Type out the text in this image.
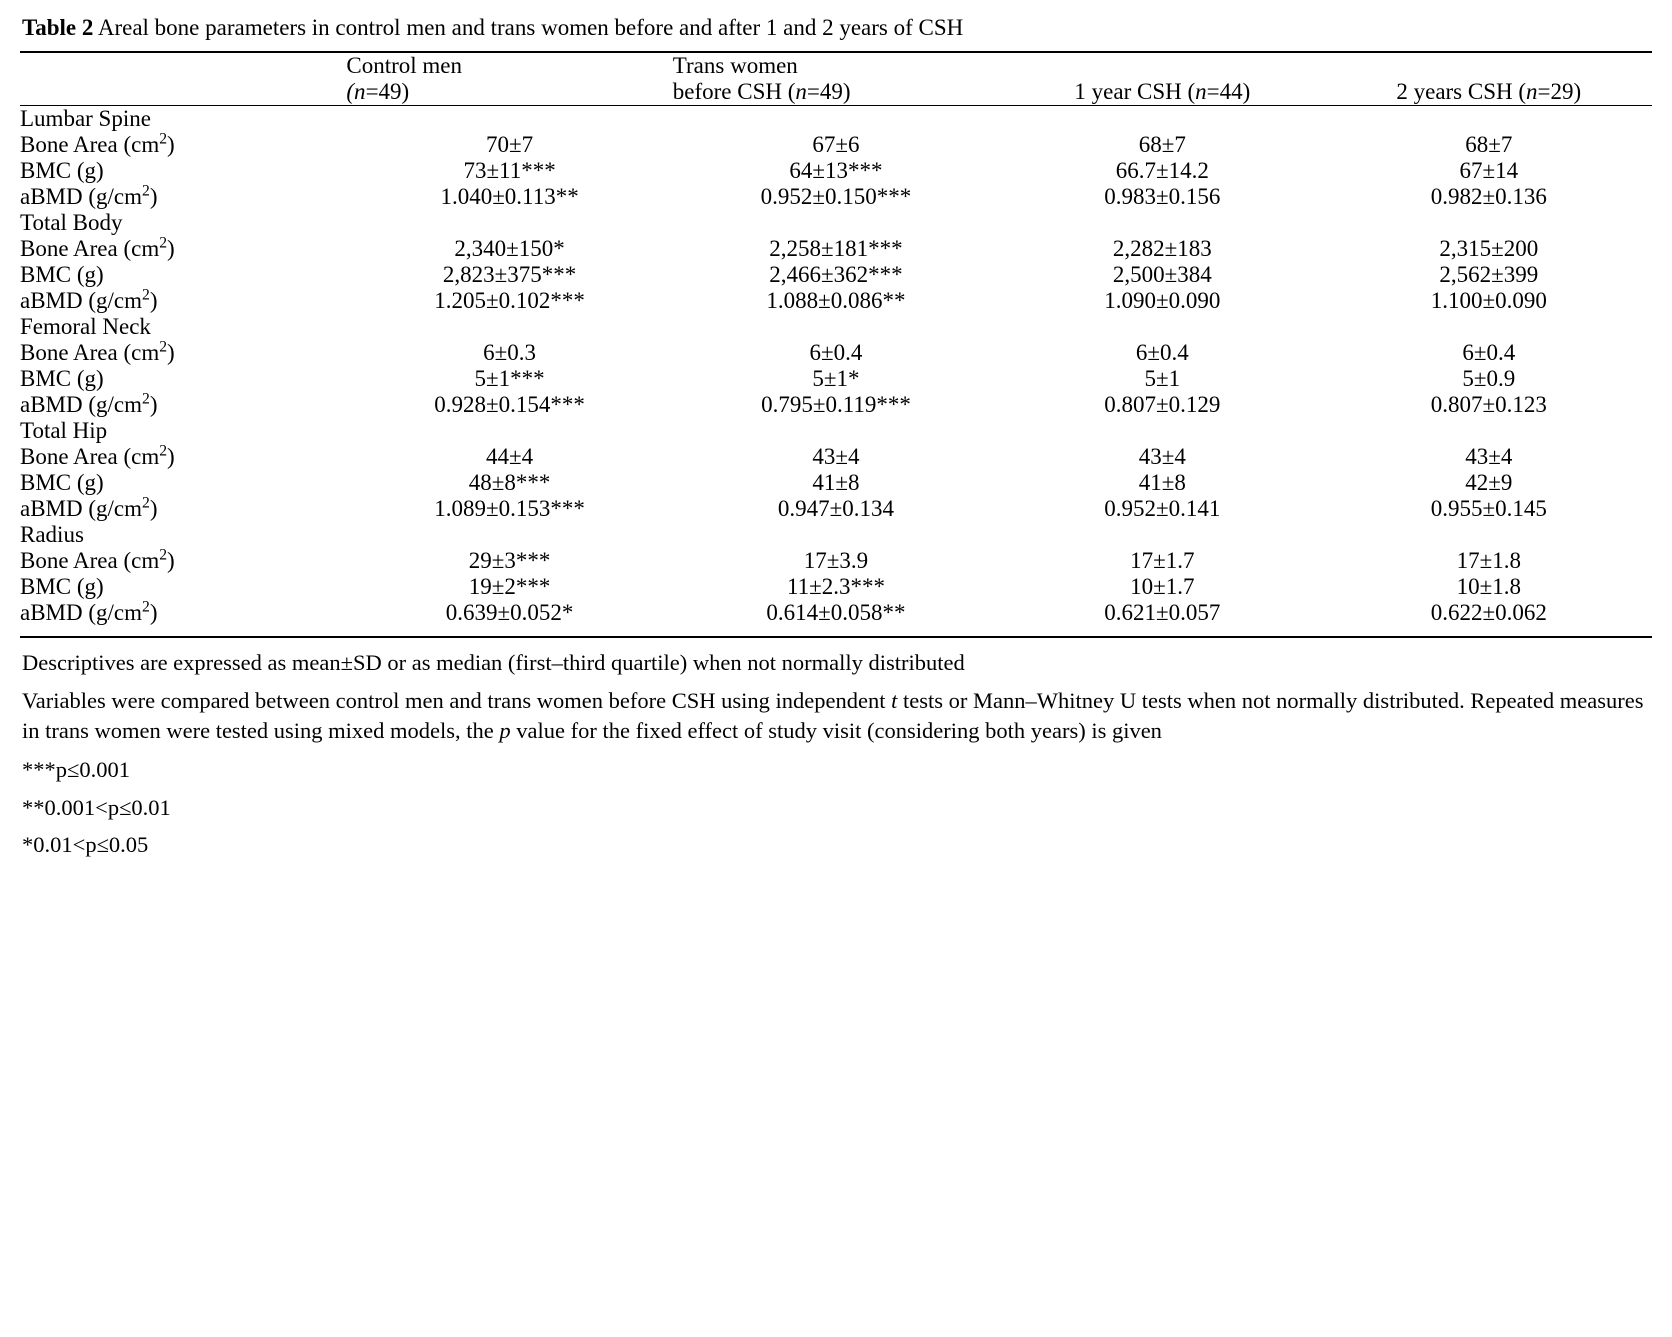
Table 2 Areal bone parameters in control men and trans women before and after 1 and 2 years of CSH
	Control men	Trans women		
	(n=49)	before CSH (n=49)	1 year CSH (n=44)	2 years CSH (n=29)
Lumbar Spine				
Bone Area $(cm^2)$	70±7	67±6	68±7	68±7
BMC (g)	73±11***	64±13***	66.7±14.2	67±14
aBMD $(g/cm^2)$	1.040±0.113**	0.952±0.150***	0.983±0.156	0.982±0.136
Total Body				
Bone Area $(cm^2)$	2,340±150*	2,258±181***	2,282±183	2,315±200
BMC (g)	2,823±375***	2,466±362***	2,500±384	2,562±399
aBMD $(g/cm^2)$	1.205±0.102***	1.088±0.086**	1.090±0.090	1.100±0.090
Femoral Neck				
Bone Area $(cm^2)$	6±0.3	6±0.4	6±0.4	6±0.4
BMC (g)	5±1***	5±1*	5±1	5±0.9
aBMD $(g/cm^2)$	0.928±0.154***	0.795±0.119***	0.807±0.129	0.807±0.123
Total Hip				
Bone Area $(cm^2)$	44±4	43±4	43±4	43±4
BMC (g)	48±8***	41±8	41±8	42±9
aBMD $(g/cm^2)$	1.089±0.153***	0.947±0.134	0.952±0.141	0.955±0.145
Radius				
Bone Area $(cm^2)$	29±3***	17±3.9	17±1.7	17±1.8
BMC (g)	19±2***	11±2.3***	10±1.7	10±1.8
aBMD $(g/cm^2)$	0.639±0.052*	0.614±0.058**	0.621±0.057	0.622±0.062

Descriptives are expressed as mean±SD or as median (first–third quartile) when not normally distributed

Variables were compared between control men and trans women before CSH using independent t tests or Mann–Whitney U tests when not normally distributed. Repeated measures in trans women were tested using mixed models, the p value for the fixed effect of study visit (considering both years) is given

***p≤0.001

**0.001<p≤0.01

*0.01<p≤0.05
